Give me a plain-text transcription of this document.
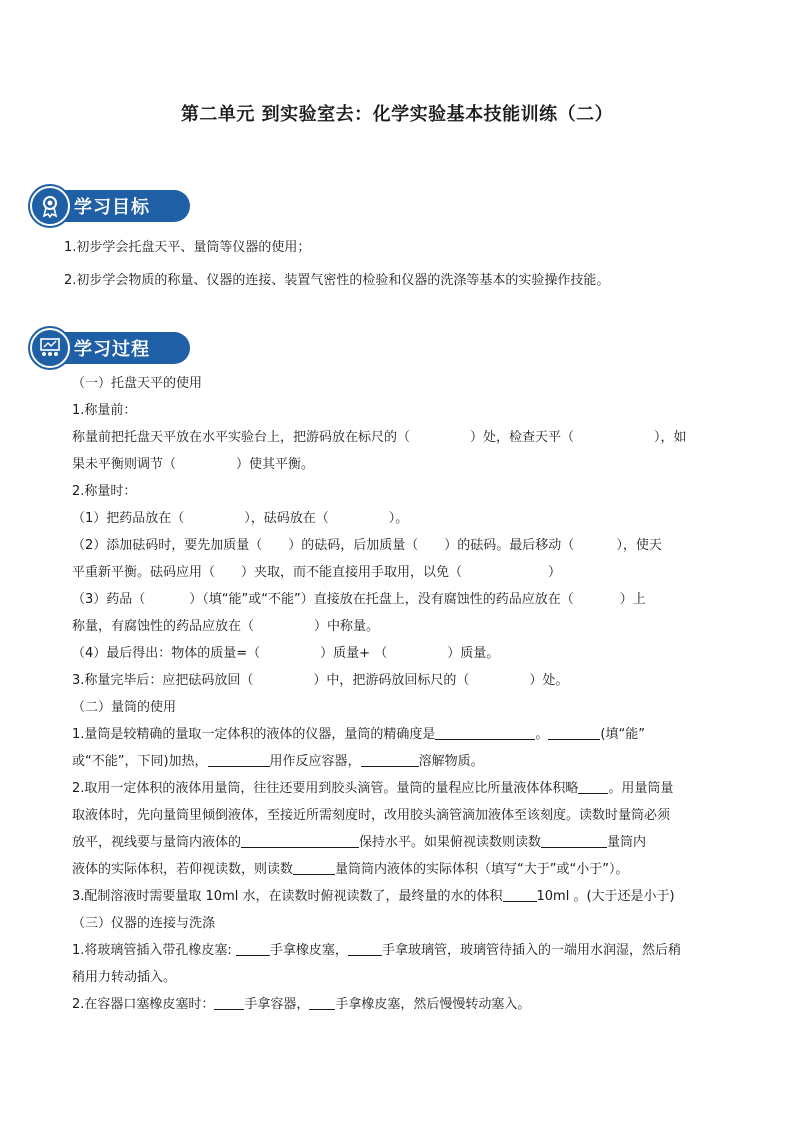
第二单元 到实验室去：化学实验基本技能训练（二）
学习目标
1.初步学会托盘天平、量筒等仪器的使用；
2.初步学会物质的称量、仪器的连接、装置气密性的检验和仪器的洗涤等基本的实验操作技能。
学习过程
（一）托盘天平的使用
1.称量前：
称量前把托盘天平放在水平实验台上，把游码放在标尺的（	）处，检查天平（	），如
果未平衡则调节（	）使其平衡。
2.称量时：
（1）把药品放在（	），砝码放在（	）。
（2）添加砝码时，要先加质量（ ）的砝码，后加质量（ ）的砝码。最后移动（	），使天
平重新平衡。砝码应用（ ）夹取，而不能直接用手取用，以免（	）
（3）药品（	）（填“能”或“不能”）直接放在托盘上，没有腐蚀性的药品应放在（	）上
称量，有腐蚀性的药品应放在（	）中称量。
（4）最后得出：物体的质量=（	）质量+ （	）质量。
3.称量完毕后：应把砝码放回（	）中，把游码放回标尺的（	）处。
（二）量筒的使用
1.量筒是较精确的量取一定体积的液体的仪器，量筒的精确度是	。	(填“能”
或“不能”，下同)加热，	用作反应容器，	溶解物质。
2.取用一定体积的液体用量筒，往往还要用到胶头滴管。量筒的量程应比所量液体体积略 。用量筒量
取液体时，先向量筒里倾倒液体，至接近所需刻度时，改用胶头滴管滴加液体至该刻度。读数时量筒必须
放平，视线要与量筒内液体的	保持水平。如果俯视读数则读数	量筒内
液体的实际体积，若仰视读数，则读数	量筒筒内液体的实际体积（填写“大于”或“小于”）。
3.配制溶液时需要量取 10ml 水，在读数时俯视读数了，最终量的水的体积	10ml 。(大于还是小于)
（三）仪器的连接与洗涤
1.将玻璃管插入带孔橡皮塞:	手拿橡皮塞，	手拿玻璃管，玻璃管待插入的一端用水润湿，然后稍
稍用力转动插入。
2.在容器口塞橡皮塞时： 手拿容器， 手拿橡皮塞，然后慢慢转动塞入。
